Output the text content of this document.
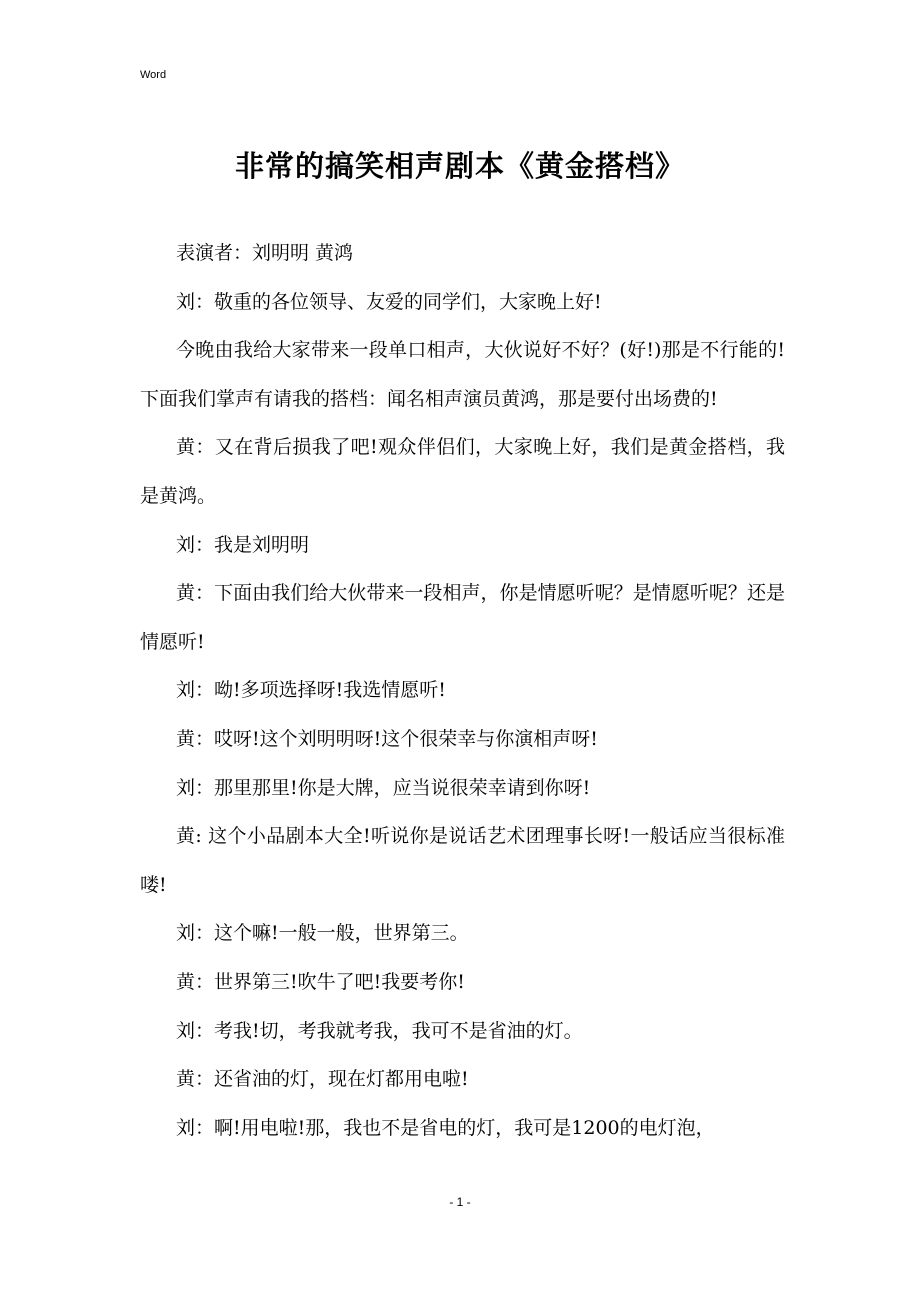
Word
非常的搞笑相声剧本《黄金搭档》

表演者：刘明明 黄鸿

刘：敬重的各位领导、友爱的同学们，大家晚上好!

今晚由我给大家带来一段单口相声，大伙说好不好？(好!)那是不行能的!下面我们掌声有请我的搭档：闻名相声演员黄鸿，那是要付出场费的!

黄：又在背后损我了吧!观众伴侣们，大家晚上好，我们是黄金搭档，我是黄鸿。

刘：我是刘明明

黄：下面由我们给大伙带来一段相声，你是情愿听呢？是情愿听呢？还是情愿听!

刘：呦!多项选择呀!我选情愿听!

黄：哎呀!这个刘明明呀!这个很荣幸与你演相声呀!

刘：那里那里!你是大牌，应当说很荣幸请到你呀!

黄: 这个小品剧本大全!听说你是说话艺术团理事长呀!一般话应当很标准喽!

刘：这个嘛!一般一般，世界第三。

黄：世界第三!吹牛了吧!我要考你!

刘：考我!切，考我就考我，我可不是省油的灯。

黄：还省油的灯，现在灯都用电啦!

刘：啊!用电啦!那，我也不是省电的灯，我可是1200的电灯泡，

- 1 -
